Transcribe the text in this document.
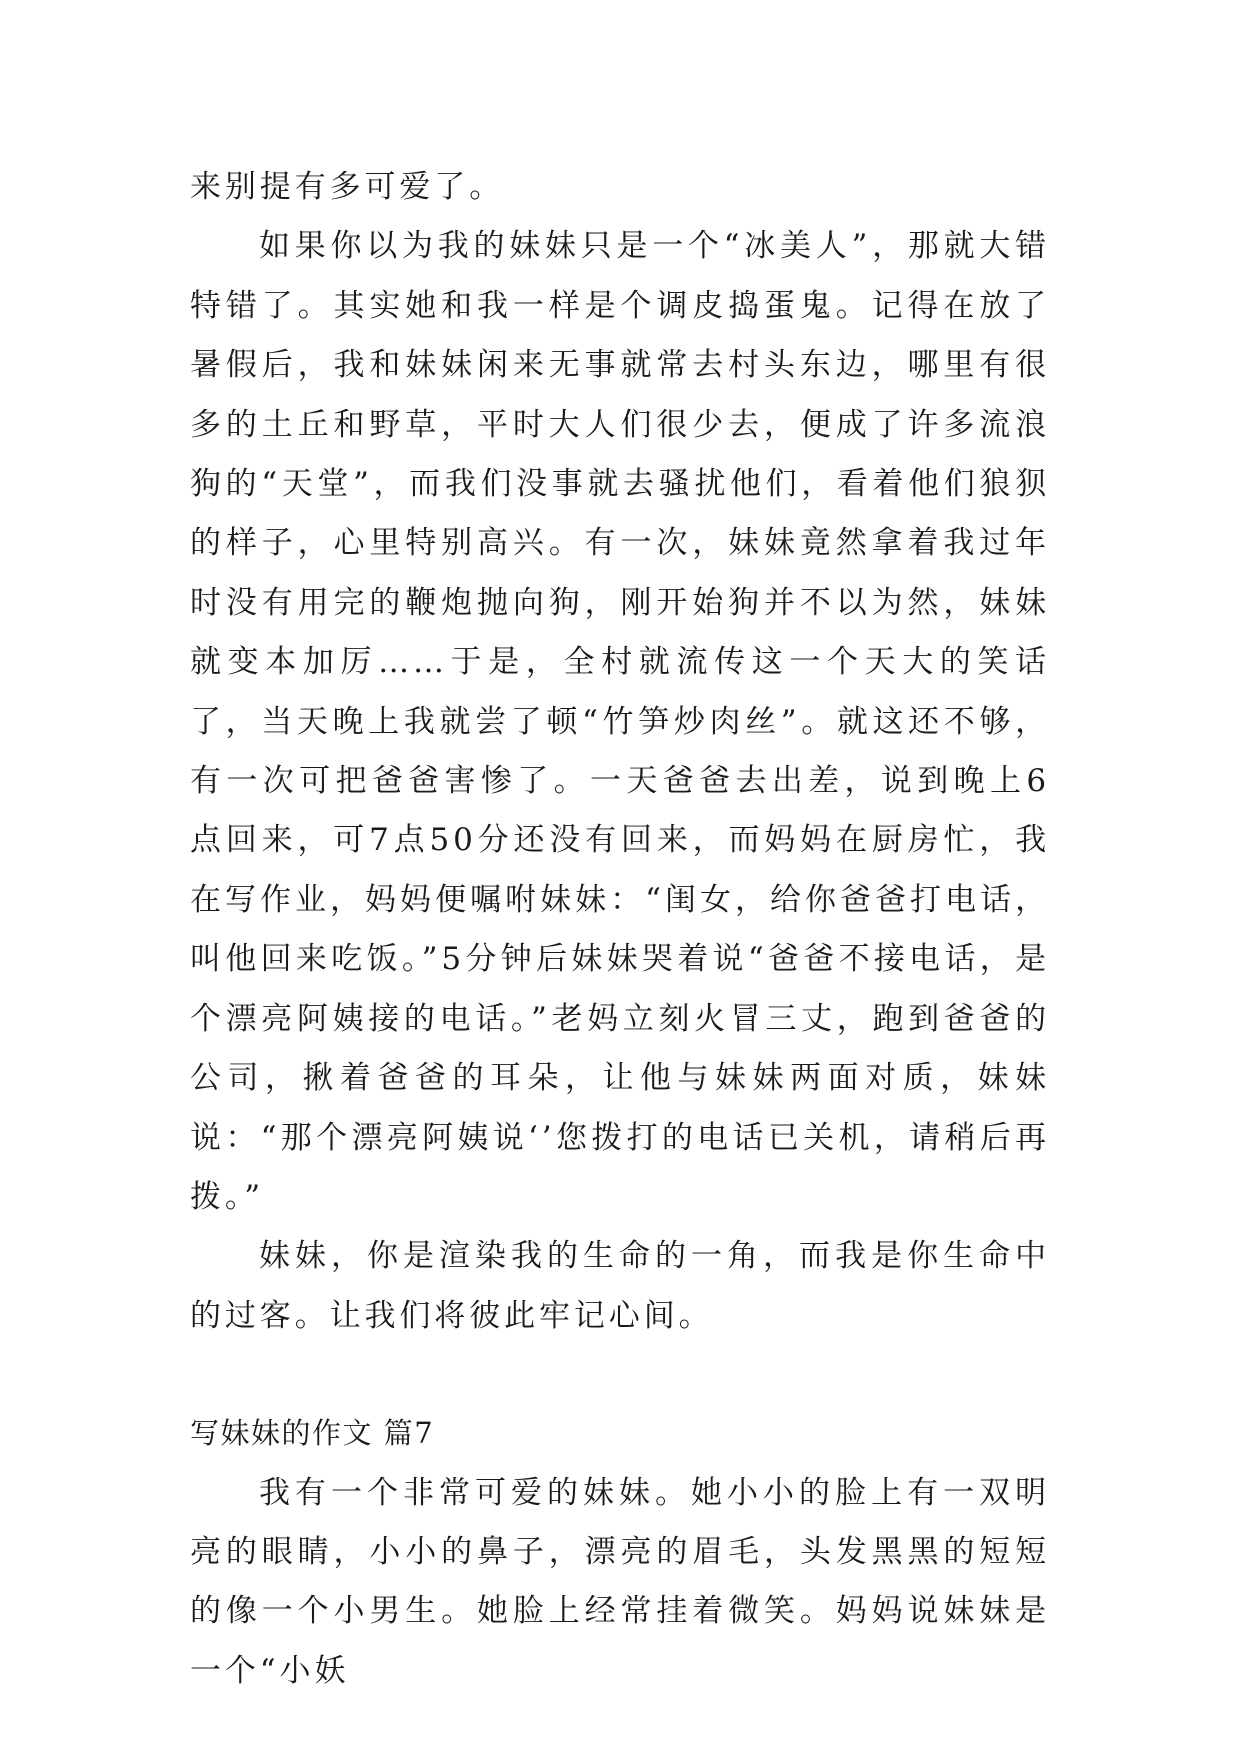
来别提有多可爱了。

如果你以为我的妹妹只是一个“冰美人”，那就大错特错了。其实她和我一样是个调皮捣蛋鬼。记得在放了暑假后，我和妹妹闲来无事就常去村头东边，哪里有很多的土丘和野草，平时大人们很少去，便成了许多流浪狗的“天堂”，而我们没事就去骚扰他们，看着他们狼狈的样子，心里特别高兴。有一次，妹妹竟然拿着我过年时没有用完的鞭炮抛向狗，刚开始狗并不以为然，妹妹就变本加厉……于是，全村就流传这一个天大的笑话了，当天晚上我就尝了顿“竹笋炒肉丝”。就这还不够，有一次可把爸爸害惨了。一天爸爸去出差，说到晚上6点回来，可7点50分还没有回来，而妈妈在厨房忙，我在写作业，妈妈便嘱咐妹妹：“闺女，给你爸爸打电话，叫他回来吃饭。”5分钟后妹妹哭着说“爸爸不接电话，是个漂亮阿姨接的电话。”老妈立刻火冒三丈，跑到爸爸的公司，揪着爸爸的耳朵，让他与妹妹两面对质，妹妹说：“那个漂亮阿姨说‘’您拨打的电话已关机，请稍后再拨。”

妹妹，你是渲染我的生命的一角，而我是你生命中的过客。让我们将彼此牢记心间。

写妹妹的作文 篇7

我有一个非常可爱的妹妹。她小小的脸上有一双明亮的眼睛，小小的鼻子，漂亮的眉毛，头发黑黑的短短的像一个小男生。她脸上经常挂着微笑。妈妈说妹妹是一个“小妖
